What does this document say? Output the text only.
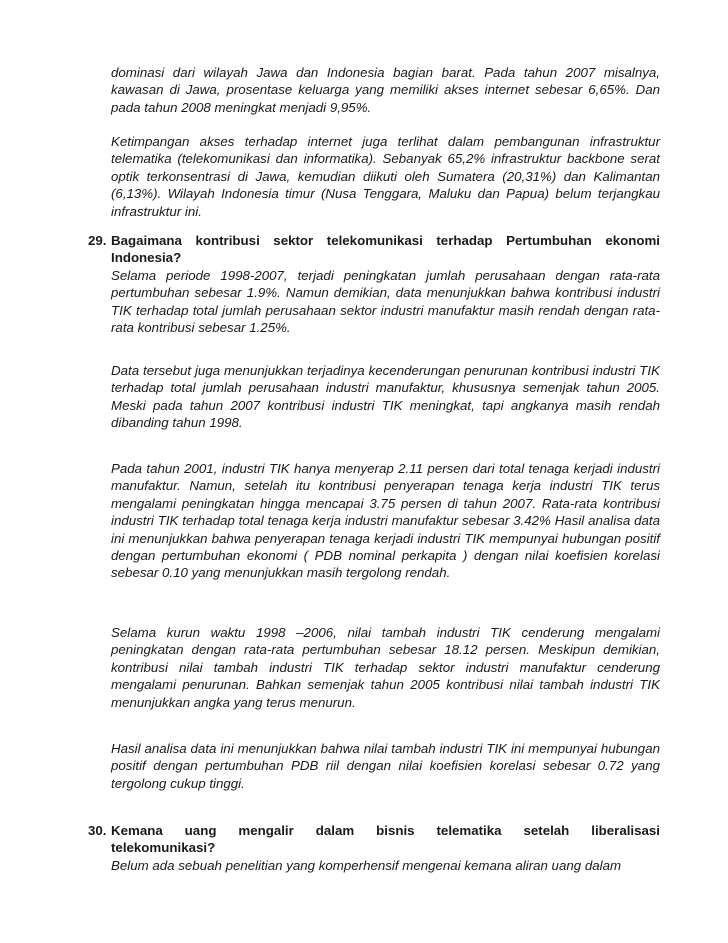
dominasi dari wilayah Jawa dan Indonesia bagian barat. Pada tahun 2007 misalnya, kawasan di Jawa, prosentase keluarga yang memiliki akses internet sebesar 6,65%. Dan pada tahun 2008 meningkat menjadi 9,95%.

Ketimpangan akses terhadap internet juga terlihat dalam pembangunan infrastruktur telematika (telekomunikasi dan informatika). Sebanyak 65,2% infrastruktur backbone serat optik terkonsentrasi di Jawa, kemudian diikuti oleh Sumatera (20,31%) dan Kalimantan (6,13%). Wilayah Indonesia timur (Nusa Tenggara, Maluku dan Papua) belum terjangkau infrastruktur ini.

29. Bagaimana kontribusi sektor telekomunikasi terhadap Pertumbuhan ekonomi Indonesia?

Selama periode 1998-2007, terjadi peningkatan jumlah perusahaan dengan rata-rata pertumbuhan sebesar 1.9%. Namun demikian, data menunjukkan bahwa kontribusi industri TIK terhadap total jumlah perusahaan sektor industri manufaktur masih rendah dengan rata-rata kontribusi sebesar 1.25%.

Data tersebut juga menunjukkan terjadinya kecenderungan penurunan kontribusi industri TIK terhadap total jumlah perusahaan industri manufaktur, khususnya semenjak tahun 2005. Meski pada tahun 2007 kontribusi industri TIK meningkat, tapi angkanya masih rendah dibanding tahun 1998.

Pada tahun 2001, industri TIK hanya menyerap 2.11 persen dari total tenaga kerjadi industri manufaktur. Namun, setelah itu kontribusi penyerapan tenaga kerja industri TIK terus mengalami peningkatan hingga mencapai 3.75 persen di tahun 2007. Rata-rata kontribusi industri TIK terhadap total tenaga kerja industri manufaktur sebesar 3.42% Hasil analisa data ini menunjukkan bahwa penyerapan tenaga kerjadi industri TIK mempunyai hubungan positif dengan pertumbuhan ekonomi ( PDB nominal perkapita ) dengan nilai koefisien korelasi sebesar 0.10 yang menunjukkan masih tergolong rendah.

Selama kurun waktu 1998 –2006, nilai tambah industri TIK cenderung mengalami peningkatan dengan rata-rata pertumbuhan sebesar 18.12 persen. Meskipun demikian, kontribusi nilai tambah industri TIK terhadap sektor industri manufaktur cenderung mengalami penurunan. Bahkan semenjak tahun 2005 kontribusi nilai tambah industri TIK menunjukkan angka yang terus menurun.

Hasil analisa data ini menunjukkan bahwa nilai tambah industri TIK ini mempunyai hubungan positif dengan pertumbuhan PDB riil dengan nilai koefisien korelasi sebesar 0.72 yang tergolong cukup tinggi.

30. Kemana uang mengalir dalam bisnis telematika setelah liberalisasi telekomunikasi?

Belum ada sebuah penelitian yang komperhensif mengenai kemana aliran uang dalam
